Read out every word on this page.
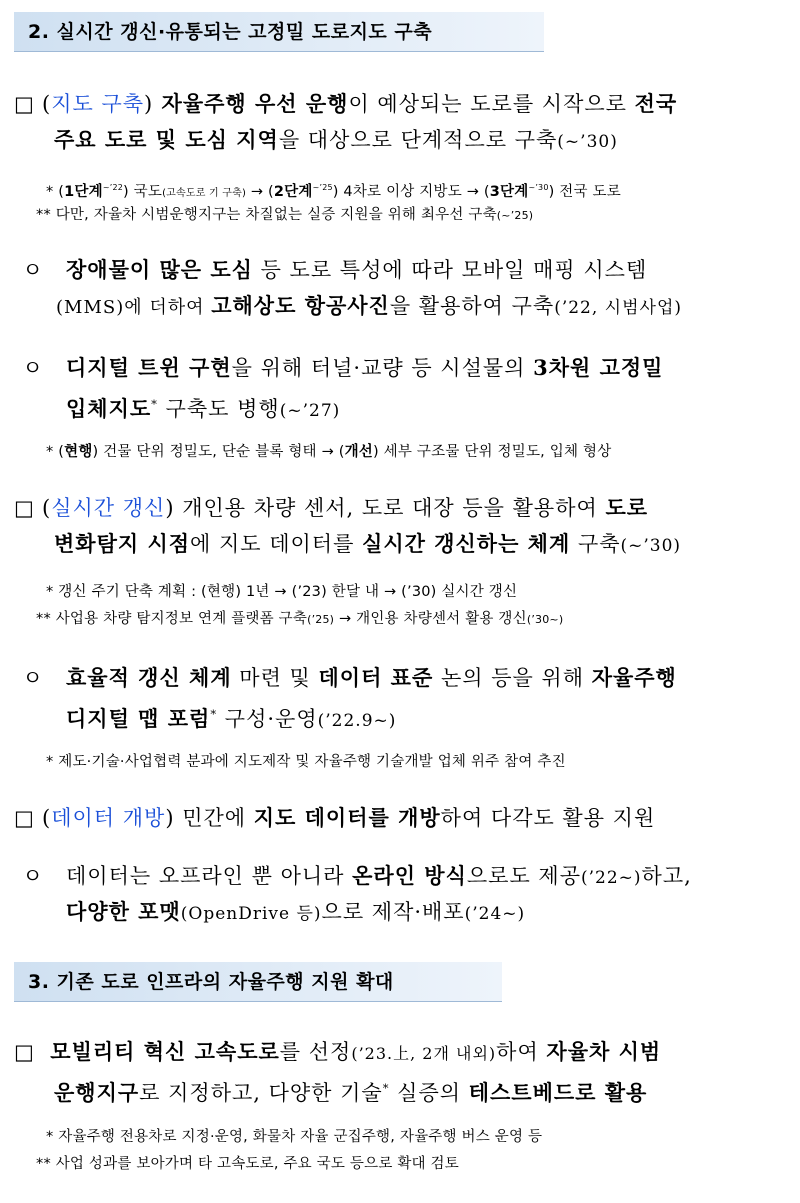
2. 실시간 갱신·유통되는 고정밀 도로지도 구축
□ (지도 구축) 자율주행 우선 운행이 예상되는 도로를 시작으로 전국
주요 도로 및 도심 지역을 대상으로 단계적으로 구축(~’30)
* (1단계$^{\sim’22}$) 국도(고속도로 기 구축) → (2단계$^{\sim’25}$) 4차로 이상 지방도 → (3단계$^{\sim’30}$) 전국 도로
** 다만, 자율차 시범운행지구는 차질없는 실증 지원을 위해 최우선 구축(~’25)
ㅇ 장애물이 많은 도심 등 도로 특성에 따라 모바일 매핑 시스템
(MMS)에 더하여 고해상도 항공사진을 활용하여 구축(’22, 시범사업)
ㅇ 디지털 트윈 구현을 위해 터널·교량 등 시설물의 3차원 고정밀
입체지도* 구축도 병행(~’27)
* (현행) 건물 단위 정밀도, 단순 블록 형태 → (개선) 세부 구조물 단위 정밀도, 입체 형상
□ (실시간 갱신) 개인용 차량 센서, 도로 대장 등을 활용하여 도로
변화탐지 시점에 지도 데이터를 실시간 갱신하는 체계 구축(~’30)
* 갱신 주기 단축 계획 : (현행) 1년 → (’23) 한달 내 → (’30) 실시간 갱신
** 사업용 차량 탐지정보 연계 플랫폼 구축(’25) → 개인용 차량센서 활용 갱신(’30~)
ㅇ 효율적 갱신 체계 마련 및 데이터 표준 논의 등을 위해 자율주행
디지털 맵 포럼* 구성·운영(’22.9~)
* 제도·기술·사업협력 분과에 지도제작 및 자율주행 기술개발 업체 위주 참여 추진
□ (데이터 개방) 민간에 지도 데이터를 개방하여 다각도 활용 지원
ㅇ 데이터는 오프라인 뿐 아니라 온라인 방식으로도 제공(’22~)하고,
다양한 포맷(OpenDrive 등)으로 제작·배포(’24~)
3. 기존 도로 인프라의 자율주행 지원 확대
□ 모빌리티 혁신 고속도로를 선정(’23.上, 2개 내외)하여 자율차 시범
운행지구로 지정하고, 다양한 기술* 실증의 테스트베드로 활용
* 자율주행 전용차로 지정·운영, 화물차 자율 군집주행, 자율주행 버스 운영 등
** 사업 성과를 보아가며 타 고속도로, 주요 국도 등으로 확대 검토
